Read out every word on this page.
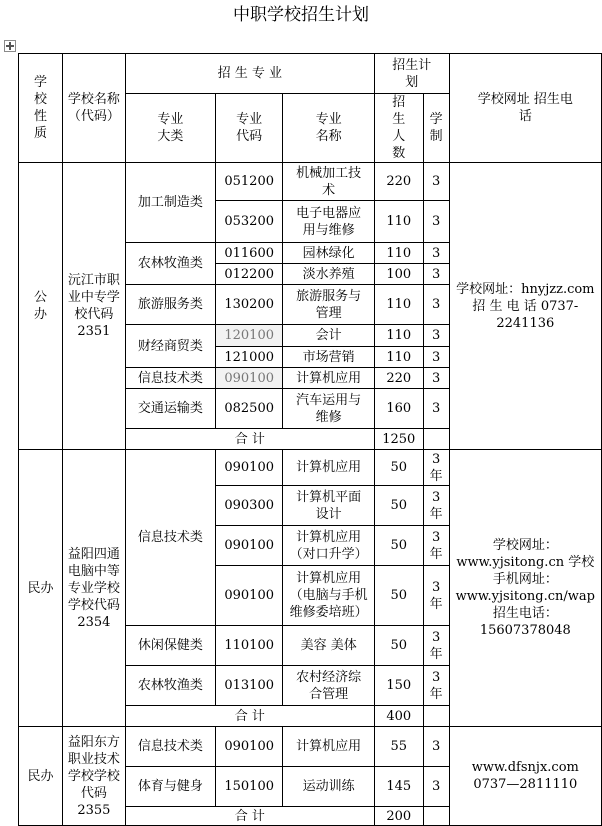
中职学校招生计划
学校性质	学校名称（代码）	招 生 专 业			招生计划		学校网址 招生电话
		专业大类	专业代码	专业名称	招生人数	学制	
公办	沅江市职业中专学校代码2351	加工制造类	051200	机械加工技术	220	3	学校网址：hnyjzz.com 招 生 电 话 0737-2241136
			053200	电子电器应用与维修	110	3	
		农林牧渔类	011600	园林绿化	110	3	
			012200	淡水养殖	100	3	
		旅游服务类	130200	旅游服务与管理	110	3	
		财经商贸类	120100	会计	110	3	
			121000	市场营销	110	3	
		信息技术类	090100	计算机应用	220	3	
		交通运输类	082500	汽车运用与维修	160	3	
		合 计			1250		
民办	益阳四通电脑中等专业学校学校代码2354	信息技术类	090100	计算机应用	50	3年	学校网址：www.yjsitong.cn 学校手机网址：www.yjsitong.cn/wap 招生电话：15607378048
			090300	计算机平面设计	50	3年	
			090100	计算机应用（对口升学）	50	3年	
			090100	计算机应用（电脑与手机维修委培班）	50	3年	
		休闲保健类	110100	美容 美体	50	3年	
		农林牧渔类	013100	农村经济综合管理	150	3年	
		合 计			400		
民办	益阳东方职业技术学校学校代码2355	信息技术类	090100	计算机应用	55	3	www.dfsnjx.com 0737—2811110
		体育与健身	150100	运动训练	145	3	
		合 计			200		
